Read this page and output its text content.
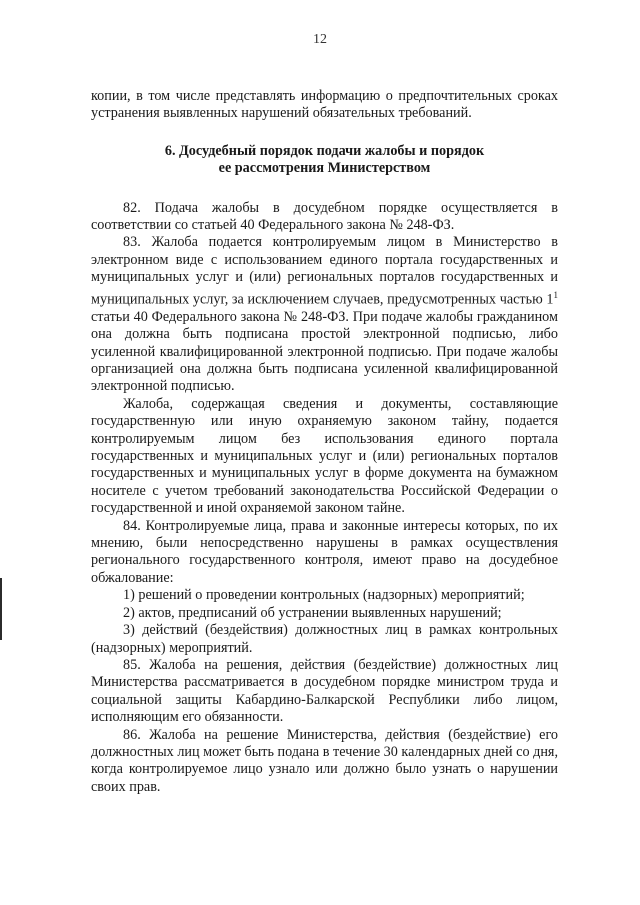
12

копии, в том числе представлять информацию о предпочтительных сроках устранения выявленных нарушений обязательных требований.

6. Досудебный порядок подачи жалобы и порядок
ее рассмотрения Министерством

82. Подача жалобы в досудебном порядке осуществляется в соответствии со статьей 40 Федерального закона № 248-ФЗ.

83. Жалоба подается контролируемым лицом в Министерство в электронном виде с использованием единого портала государственных и муниципальных услуг и (или) региональных порталов государственных и муниципальных услуг, за исключением случаев, предусмотренных частью $1^1$ статьи 40 Федерального закона № 248-ФЗ. При подаче жалобы гражданином она должна быть подписана простой электронной подписью, либо усиленной квалифицированной электронной подписью. При подаче жалобы организацией она должна быть подписана усиленной квалифицированной электронной подписью.

Жалоба, содержащая сведения и документы, составляющие государственную или иную охраняемую законом тайну, подается контролируемым лицом без использования единого портала государственных и муниципальных услуг и (или) региональных порталов государственных и муниципальных услуг в форме документа на бумажном носителе с учетом требований законодательства Российской Федерации о государственной и иной охраняемой законом тайне.

84. Контролируемые лица, права и законные интересы которых, по их мнению, были непосредственно нарушены в рамках осуществления регионального государственного контроля, имеют право на досудебное обжалование:

1) решений о проведении контрольных (надзорных) мероприятий;

2) актов, предписаний об устранении выявленных нарушений;

3) действий (бездействия) должностных лиц в рамках контрольных (надзорных) мероприятий.

85. Жалоба на решения, действия (бездействие) должностных лиц Министерства рассматривается в досудебном порядке министром труда и социальной защиты Кабардино-Балкарской Республики либо лицом, исполняющим его обязанности.

86. Жалоба на решение Министерства, действия (бездействие) его должностных лиц может быть подана в течение 30 календарных дней со дня, когда контролируемое лицо узнало или должно было узнать о нарушении своих прав.
